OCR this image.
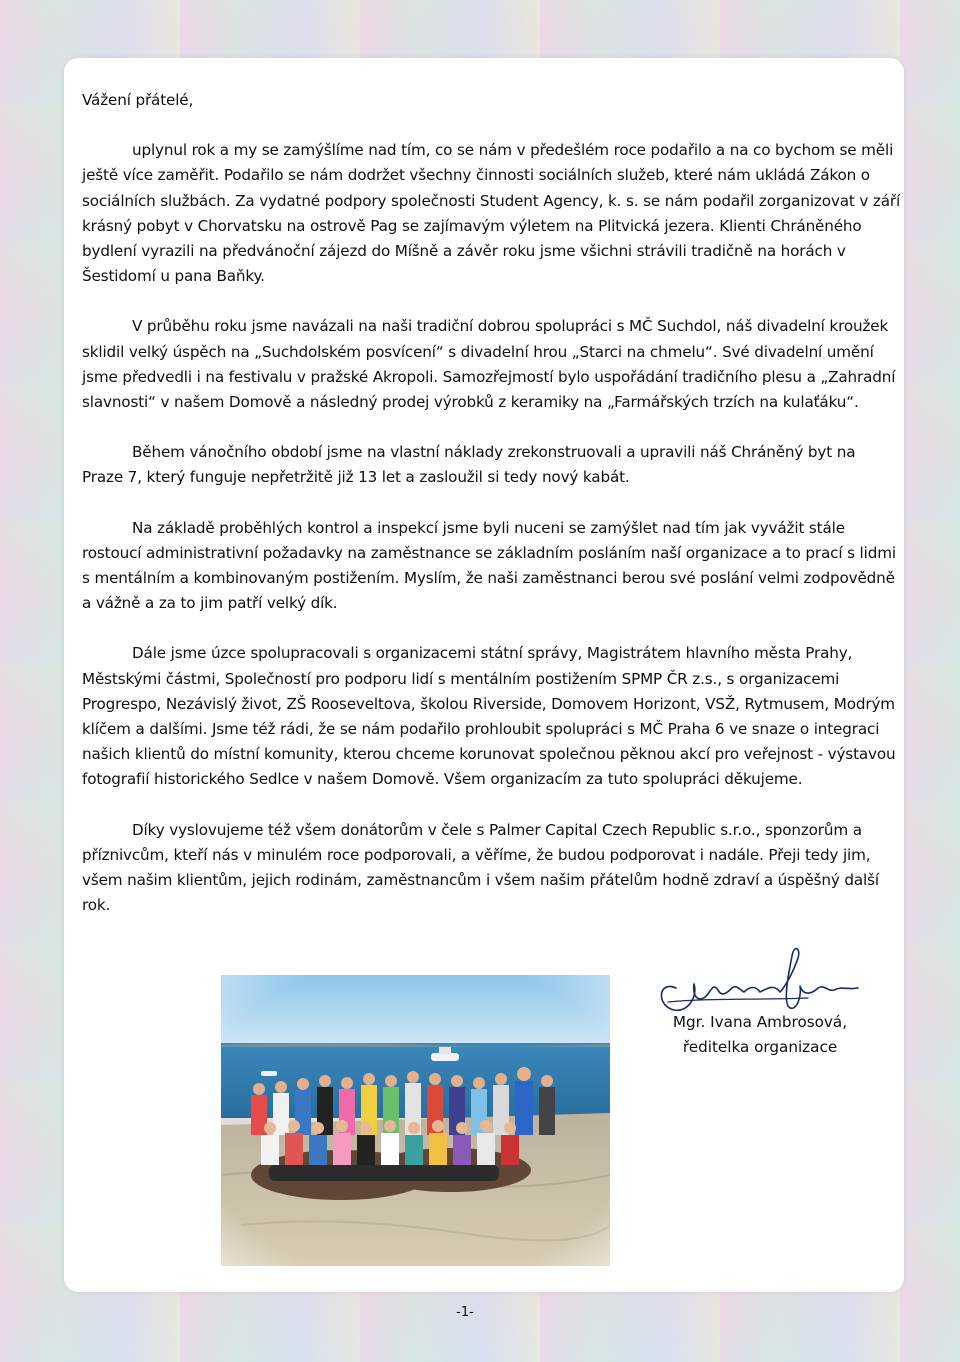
Vážení přátelé,

uplynul rok a my se zamýšlíme nad tím, co se nám v předešlém roce podařilo a na co bychom se měli ještě více zaměřit. Podařilo se nám dodržet všechny činnosti sociálních služeb, které nám ukládá Zákon o sociálních službách. Za vydatné podpory společnosti Student Agency, k. s. se nám podařil zorganizovat v září krásný pobyt v Chorvatsku na ostrově Pag se zajímavým výletem na Plitvická jezera. Klienti Chráněného bydlení vyrazili na předvánoční zájezd do Míšně a závěr roku jsme všichni strávili tradičně na horách v Šestidomí u pana Baňky.

V průběhu roku jsme navázali na naši tradiční dobrou spolupráci s MČ Suchdol, náš divadelní kroužek sklidil velký úspěch na „Suchdolském posvícení“ s divadelní hrou „Starci na chmelu“. Své divadelní umění jsme předvedli i na festivalu v pražské Akropoli. Samozřejmostí bylo uspořádání tradičního plesu a „Zahradní slavnosti“ v našem Domově a následný prodej výrobků z keramiky na „Farmářských trzích na kulaťáku“.

Během vánočního období jsme na vlastní náklady zrekonstruovali a upravili náš Chráněný byt na Praze 7, který funguje nepřetržitě již 13 let a zasloužil si tedy nový kabát.

Na základě proběhlých kontrol a inspekcí jsme byli nuceni se zamýšlet nad tím jak vyvážit stále rostoucí administrativní požadavky na zaměstnance se základním posláním naší organizace a to prací s lidmi s mentálním a kombinovaným postižením. Myslím, že naši zaměstnanci berou své poslání velmi zodpovědně a vážně a za to jim patří velký dík.

Dále jsme úzce spolupracovali s organizacemi státní správy, Magistrátem hlavního města Prahy, Městskými částmi, Společností pro podporu lidí s mentálním postižením SPMP ČR z.s., s organizacemi Progrespo, Nezávislý život, ZŠ Rooseveltova, školou Riverside, Domovem Horizont, VSŽ, Rytmusem, Modrým klíčem a dalšími. Jsme též rádi, že se nám podařilo prohloubit spolupráci s MČ Praha 6 ve snaze o integraci našich klientů do místní komunity, kterou chceme korunovat společnou pěknou akcí pro veřejnost - výstavou fotografií historického Sedlce v našem Domově. Všem organizacím za tuto spolupráci děkujeme.

Díky vyslovujeme též všem donátorům v čele s Palmer Capital Czech Republic s.r.o., sponzorům a příznivcům, kteří nás v minulém roce podporovali, a věříme, že budou podporovat i nadále. Přeji tedy jim, všem našim klientům, jejich rodinám, zaměstnancům i všem našim přátelům hodně zdraví a úspěšný další rok.

Mgr. Ivana Ambrosová,
ředitelka organizace
-1-
